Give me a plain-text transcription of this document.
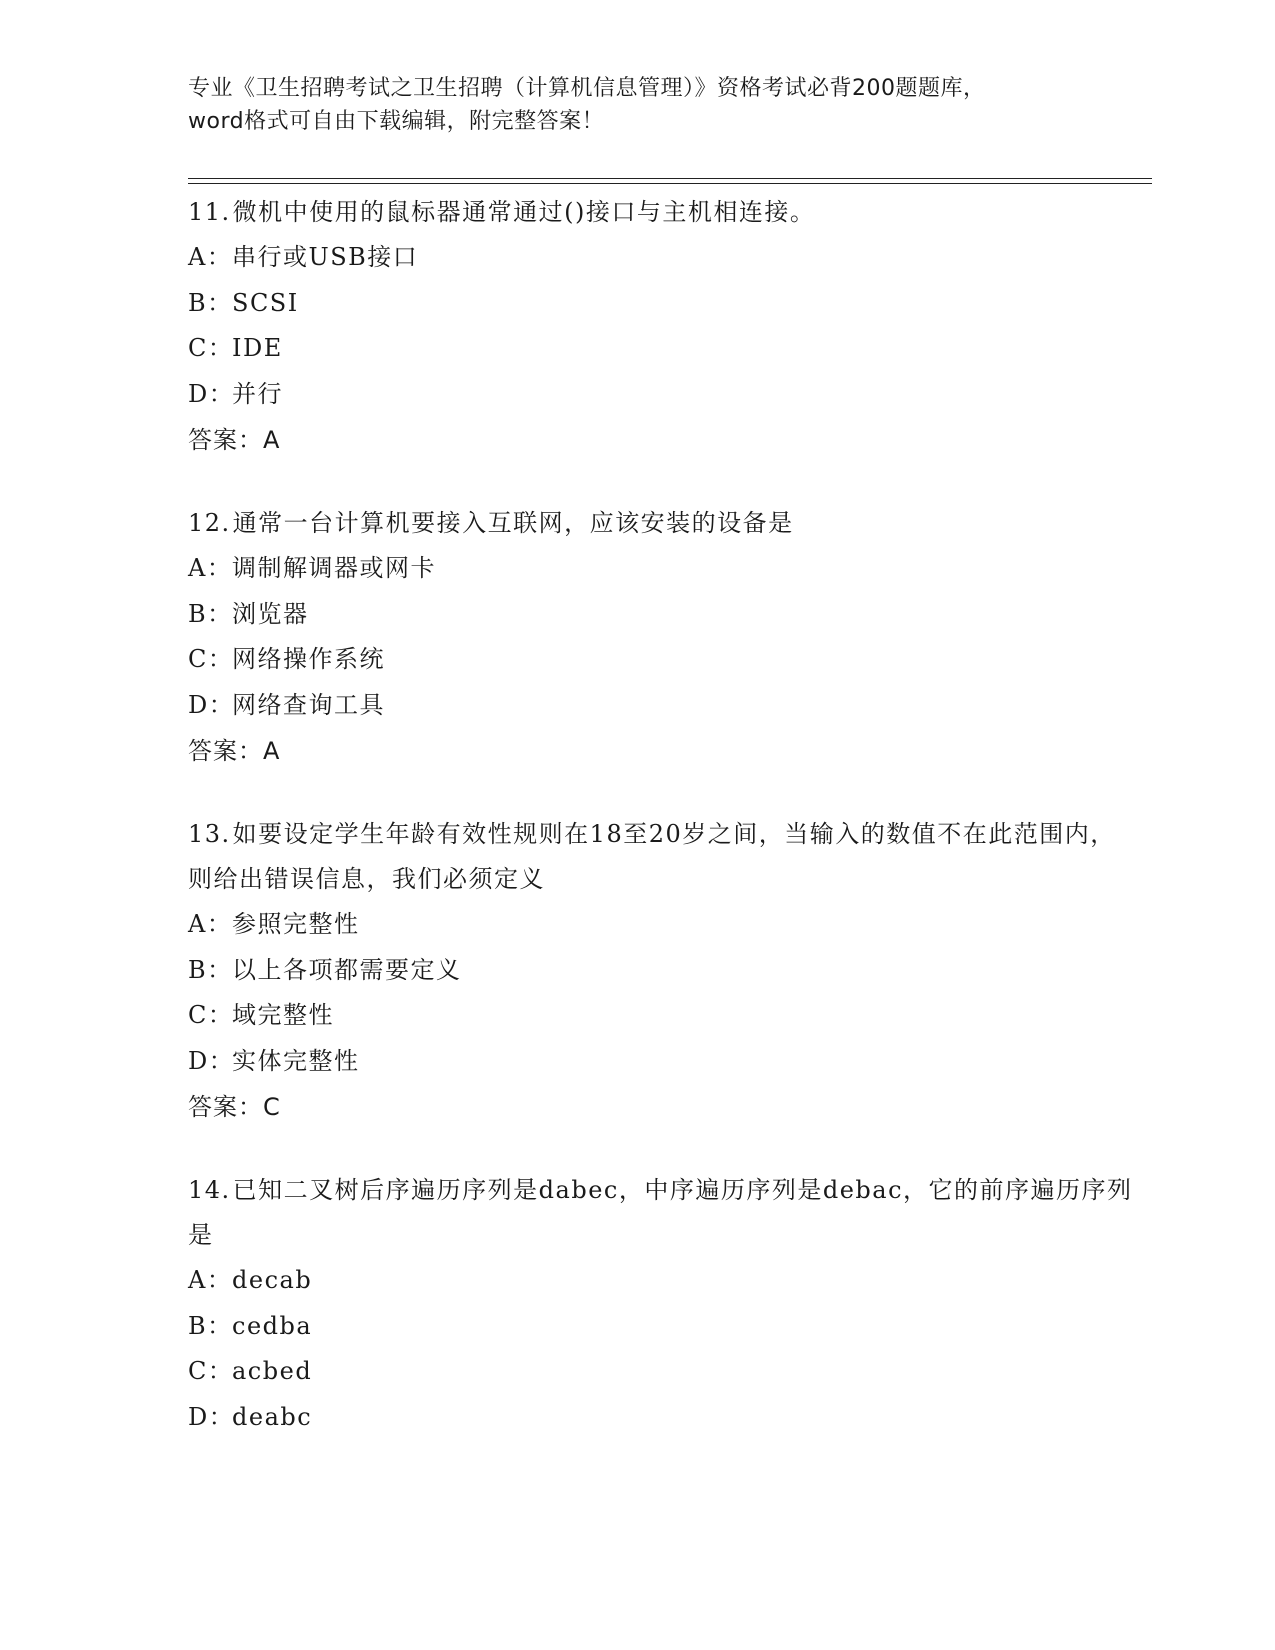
专业《卫生招聘考试之卫生招聘（计算机信息管理）》资格考试必背200题题库，
word格式可自由下载编辑，附完整答案！
11.微机中使用的鼠标器通常通过()接口与主机相连接。
A：串行或USB接口
B：SCSI
C：IDE
D：并行
答案：A
12.通常一台计算机要接入互联网，应该安装的设备是
A：调制解调器或网卡
B：浏览器
C：网络操作系统
D：网络查询工具
答案：A
13.如要设定学生年龄有效性规则在18至20岁之间，当输入的数值不在此范围内，则给出错误信息，我们必须定义
A：参照完整性
B：以上各项都需要定义
C：域完整性
D：实体完整性
答案：C
14.已知二叉树后序遍历序列是dabec，中序遍历序列是debac，它的前序遍历序列是
A：decab
B：cedba
C：acbed
D：deabc
